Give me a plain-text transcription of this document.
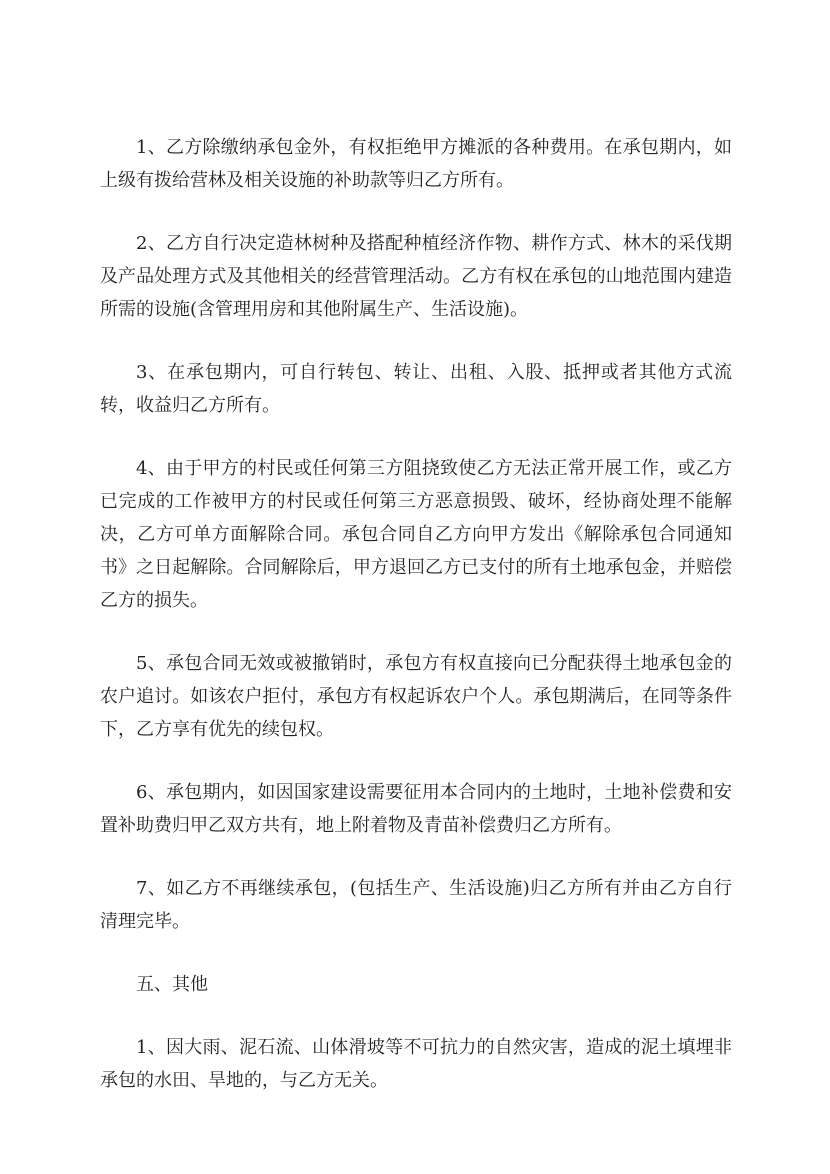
1、乙方除缴纳承包金外，有权拒绝甲方摊派的各种费用。在承包期内，如上级有拨给营林及相关设施的补助款等归乙方所有。

2、乙方自行决定造林树种及搭配种植经济作物、耕作方式、林木的采伐期及产品处理方式及其他相关的经营管理活动。乙方有权在承包的山地范围内建造所需的设施(含管理用房和其他附属生产、生活设施)。

3、在承包期内，可自行转包、转让、出租、入股、抵押或者其他方式流转，收益归乙方所有。

4、由于甲方的村民或任何第三方阻挠致使乙方无法正常开展工作，或乙方已完成的工作被甲方的村民或任何第三方恶意损毁、破坏，经协商处理不能解决，乙方可单方面解除合同。承包合同自乙方向甲方发出《解除承包合同通知书》之日起解除。合同解除后，甲方退回乙方已支付的所有土地承包金，并赔偿乙方的损失。

5、承包合同无效或被撤销时，承包方有权直接向已分配获得土地承包金的农户追讨。如该农户拒付，承包方有权起诉农户个人。承包期满后，在同等条件下，乙方享有优先的续包权。

6、承包期内，如因国家建设需要征用本合同内的土地时，土地补偿费和安置补助费归甲乙双方共有，地上附着物及青苗补偿费归乙方所有。

7、如乙方不再继续承包，(包括生产、生活设施)归乙方所有并由乙方自行清理完毕。

五、其他

1、因大雨、泥石流、山体滑坡等不可抗力的自然灾害，造成的泥土填埋非承包的水田、旱地的，与乙方无关。
